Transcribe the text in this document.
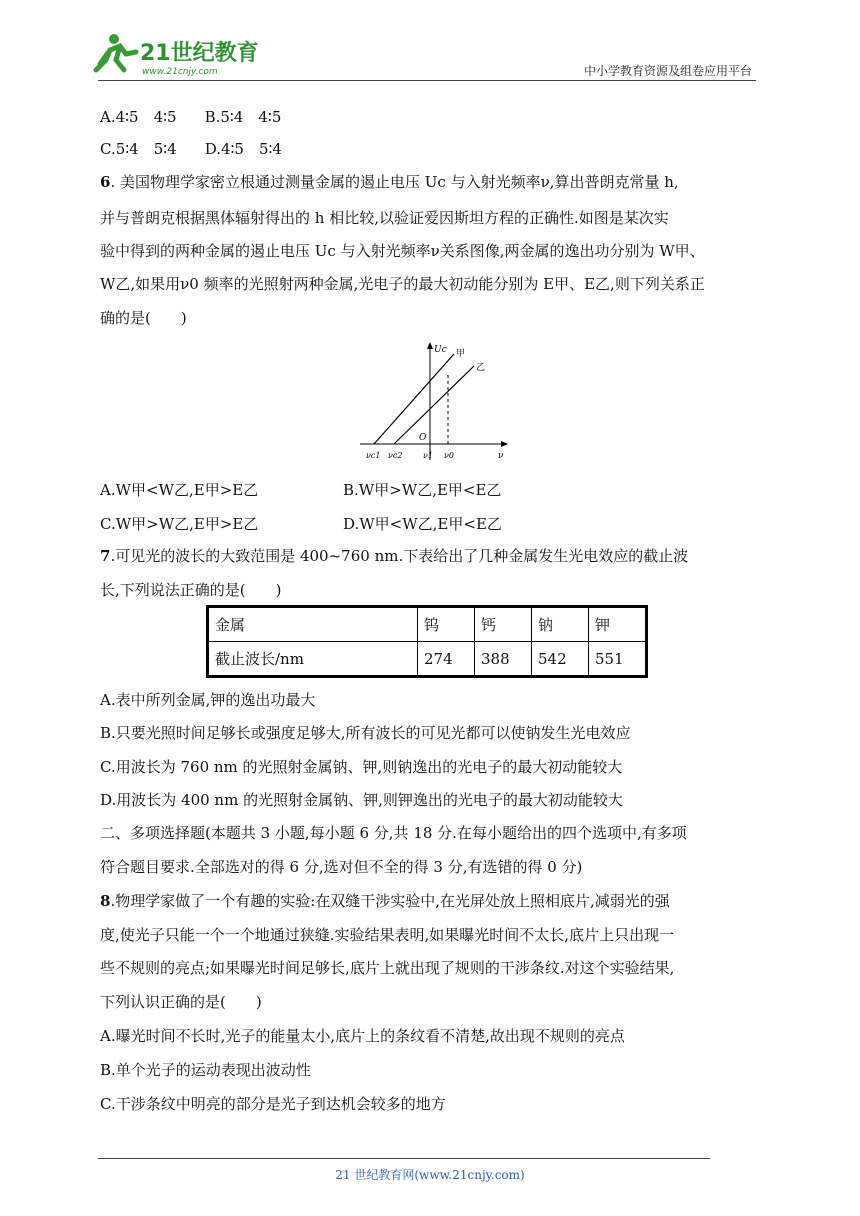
21世纪教育
www.21cnjy.com	中小学教育资源及组卷应用平台
A.4∶5　4∶5 B.5∶4　4∶5
C.5∶4　5∶4 D.4∶5　5∶4
6. 美国物理学家密立根通过测量金属的遏止电压 Uc 与入射光频率ν,算出普朗克常量 h,
并与普朗克根据黑体辐射得出的 h 相比较,以验证爱因斯坦方程的正确性.如图是某次实
验中得到的两种金属的遏止电压 Uc 与入射光频率ν关系图像,两金属的逸出功分别为 W甲、
W乙,如果用ν0 频率的光照射两种金属,光电子的最大初动能分别为 E甲、E乙,则下列关系正
确的是(　　)
Uc 甲
乙
O
ν
νc1 νc2	ν1 ν0
A.W甲<W乙,E甲>E乙	B.W甲>W乙,E甲<E乙
C.W甲>W乙,E甲>E乙	D.W甲<W乙,E甲<E乙
7.可见光的波长的大致范围是 400~760 nm.下表给出了几种金属发生光电效应的截止波
长,下列说法正确的是(　　)
金属	钨	钙	钠	钾
截止波长/nm	274	388	542	551
A.表中所列金属,钾的逸出功最大
B.只要光照时间足够长或强度足够大,所有波长的可见光都可以使钠发生光电效应
C.用波长为 760 nm 的光照射金属钠、钾,则钠逸出的光电子的最大初动能较大
D.用波长为 400 nm 的光照射金属钠、钾,则钾逸出的光电子的最大初动能较大
二、多项选择题(本题共 3 小题,每小题 6 分,共 18 分.在每小题给出的四个选项中,有多项
符合题目要求.全部选对的得 6 分,选对但不全的得 3 分,有选错的得 0 分)
8.物理学家做了一个有趣的实验:在双缝干涉实验中,在光屏处放上照相底片,减弱光的强
度,使光子只能一个一个地通过狭缝.实验结果表明,如果曝光时间不太长,底片上只出现一
些不规则的亮点;如果曝光时间足够长,底片上就出现了规则的干涉条纹.对这个实验结果,
下列认识正确的是(　　)
A.曝光时间不长时,光子的能量太小,底片上的条纹看不清楚,故出现不规则的亮点
B.单个光子的运动表现出波动性
C.干涉条纹中明亮的部分是光子到达机会较多的地方
21 世纪教育网(www.21cnjy.com)
